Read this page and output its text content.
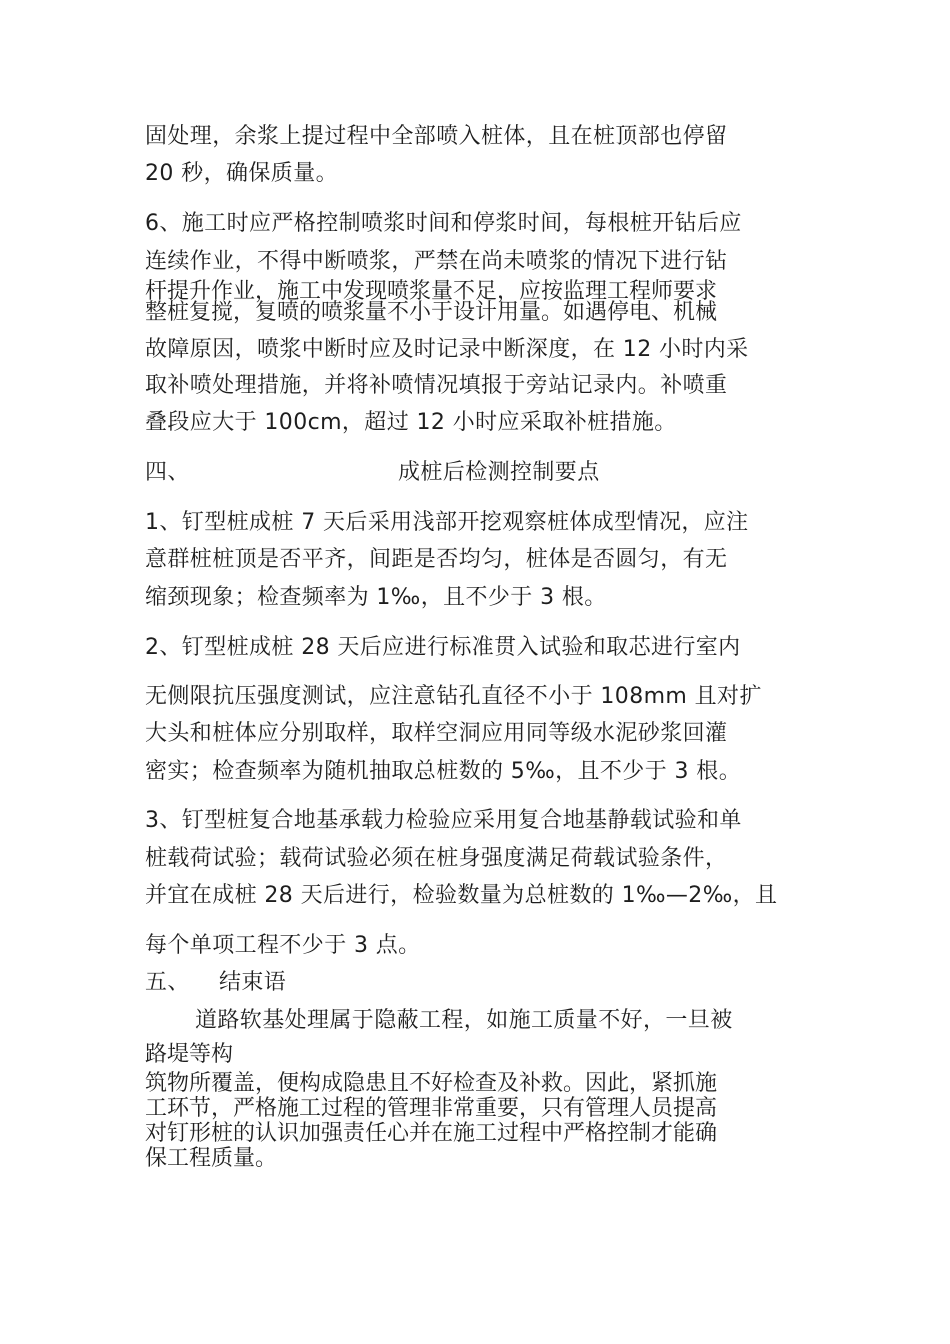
固处理，余浆上提过程中全部喷入桩体，且在桩顶部也停留
20 秒，确保质量。
6、施工时应严格控制喷浆时间和停浆时间，每根桩开钻后应
连续作业，不得中断喷浆，严禁在尚未喷浆的情况下进行钻
杆提升作业，施工中发现喷浆量不足，应按监理工程师要求
整桩复搅，复喷的喷浆量不小于设计用量。如遇停电、机械
故障原因，喷浆中断时应及时记录中断深度，在 12 小时内采
取补喷处理措施，并将补喷情况填报于旁站记录内。补喷重
叠段应大于 100cm，超过 12 小时应采取补桩措施。
四、	成桩后检测控制要点
1、钉型桩成桩 7 天后采用浅部开挖观察桩体成型情况，应注
意群桩桩顶是否平齐，间距是否均匀，桩体是否圆匀，有无
缩颈现象；检查频率为 1‰，且不少于 3 根。
2、钉型桩成桩 28 天后应进行标准贯入试验和取芯进行室内
无侧限抗压强度测试，应注意钻孔直径不小于 108mm 且对扩
大头和桩体应分别取样，取样空洞应用同等级水泥砂浆回灌
密实；检查频率为随机抽取总桩数的 5‰，且不少于 3 根。
3、钉型桩复合地基承载力检验应采用复合地基静载试验和单
桩载荷试验；载荷试验必须在桩身强度满足荷载试验条件，
并宜在成桩 28 天后进行，检验数量为总桩数的 1‰—2‰，且
每个单项工程不少于 3 点。
五、 结束语
道路软基处理属于隐蔽工程，如施工质量不好，一旦被
路堤等构
筑物所覆盖，便构成隐患且不好检查及补救。因此，紧抓施
工环节，严格施工过程的管理非常重要，只有管理人员提高
对钉形桩的认识加强责任心并在施工过程中严格控制才能确
保工程质量。
